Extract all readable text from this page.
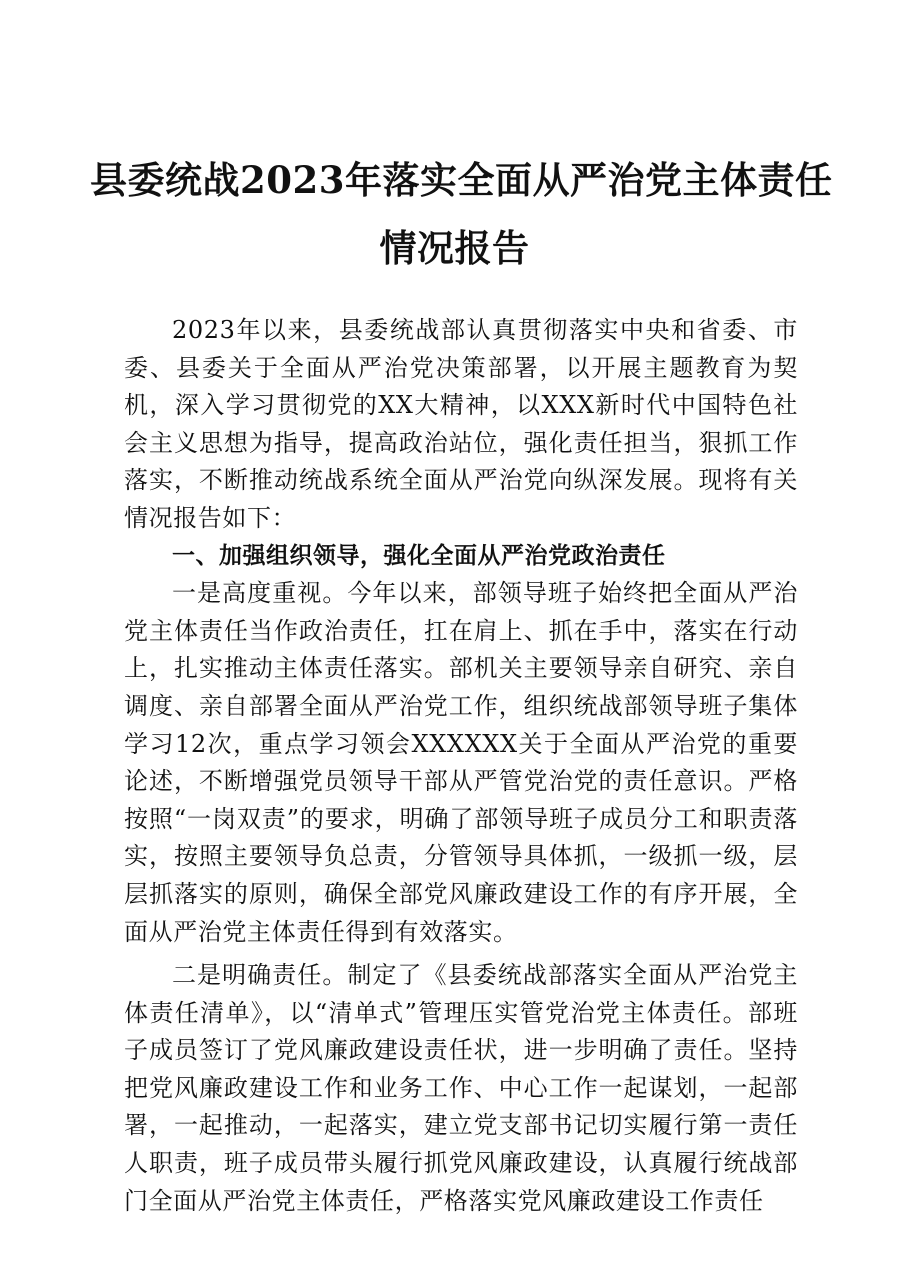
县委统战2023年落实全面从严治党主体责任
情况报告

2023年以来，县委统战部认真贯彻落实中央和省委、市委、县委关于全面从严治党决策部署，以开展主题教育为契机，深入学习贯彻党的XX大精神，以XXX新时代中国特色社会主义思想为指导，提高政治站位，强化责任担当，狠抓工作落实，不断推动统战系统全面从严治党向纵深发展。现将有关情况报告如下：

一、加强组织领导，强化全面从严治党政治责任

一是高度重视。今年以来，部领导班子始终把全面从严治党主体责任当作政治责任，扛在肩上、抓在手中，落实在行动上，扎实推动主体责任落实。部机关主要领导亲自研究、亲自调度、亲自部署全面从严治党工作，组织统战部领导班子集体学习12次，重点学习领会XXXXXX关于全面从严治党的重要论述，不断增强党员领导干部从严管党治党的责任意识。严格按照“一岗双责”的要求，明确了部领导班子成员分工和职责落实，按照主要领导负总责，分管领导具体抓，一级抓一级，层层抓落实的原则，确保全部党风廉政建设工作的有序开展，全面从严治党主体责任得到有效落实。

二是明确责任。制定了《县委统战部落实全面从严治党主体责任清单》，以“清单式”管理压实管党治党主体责任。部班子成员签订了党风廉政建设责任状，进一步明确了责任。坚持把党风廉政建设工作和业务工作、中心工作一起谋划，一起部署，一起推动，一起落实，建立党支部书记切实履行第一责任人职责，班子成员带头履行抓党风廉政建设，认真履行统战部门全面从严治党主体责任，严格落实党风廉政建设工作责任
